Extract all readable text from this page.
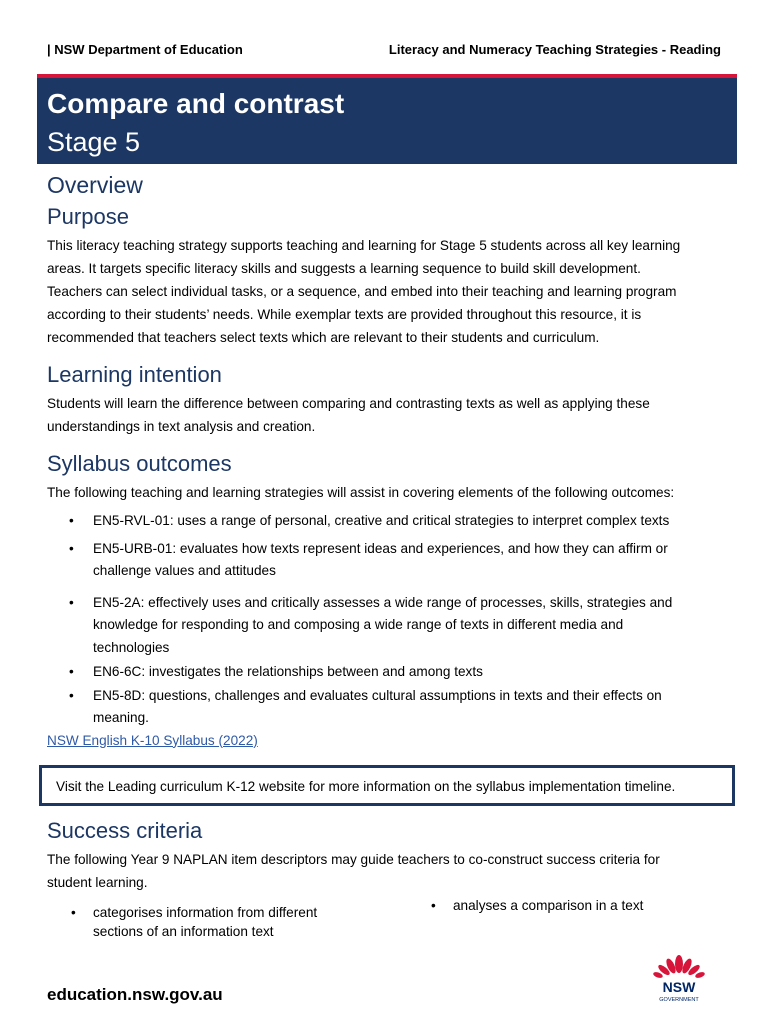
| NSW Department of Education	Literacy and Numeracy Teaching Strategies - Reading
Compare and contrast
Stage 5
Overview
Purpose

This literacy teaching strategy supports teaching and learning for Stage 5 students across all key learning

areas. It targets specific literacy skills and suggests a learning sequence to build skill development.

Teachers can select individual tasks, or a sequence, and embed into their teaching and learning program

according to their students’ needs. While exemplar texts are provided throughout this resource, it is

recommended that teachers select texts which are relevant to their students and curriculum.

Learning intention

Students will learn the difference between comparing and contrasting texts as well as applying these

understandings in text analysis and creation.

Syllabus outcomes

The following teaching and learning strategies will assist in covering elements of the following outcomes:

• EN5-RVL-01: uses a range of personal, creative and critical strategies to interpret complex texts
• EN5-URB-01: evaluates how texts represent ideas and experiences, and how they can affirm or
challenge values and attitudes
• EN5-2A: effectively uses and critically assesses a wide range of processes, skills, strategies and
knowledge for responding to and composing a wide range of texts in different media and
technologies
• EN6-6C: investigates the relationships between and among texts
• EN5-8D: questions, challenges and evaluates cultural assumptions in texts and their effects on
meaning.
NSW English K-10 Syllabus (2022)
Visit the Leading curriculum K-12 website for more information on the syllabus implementation timeline.
Success criteria

The following Year 9 NAPLAN item descriptors may guide teachers to co-construct success criteria for

student learning.

• categorises information from different
sections of an information text
• analyses a comparison in a text
education.nsw.gov.au	NSW
GOVERNMENT
